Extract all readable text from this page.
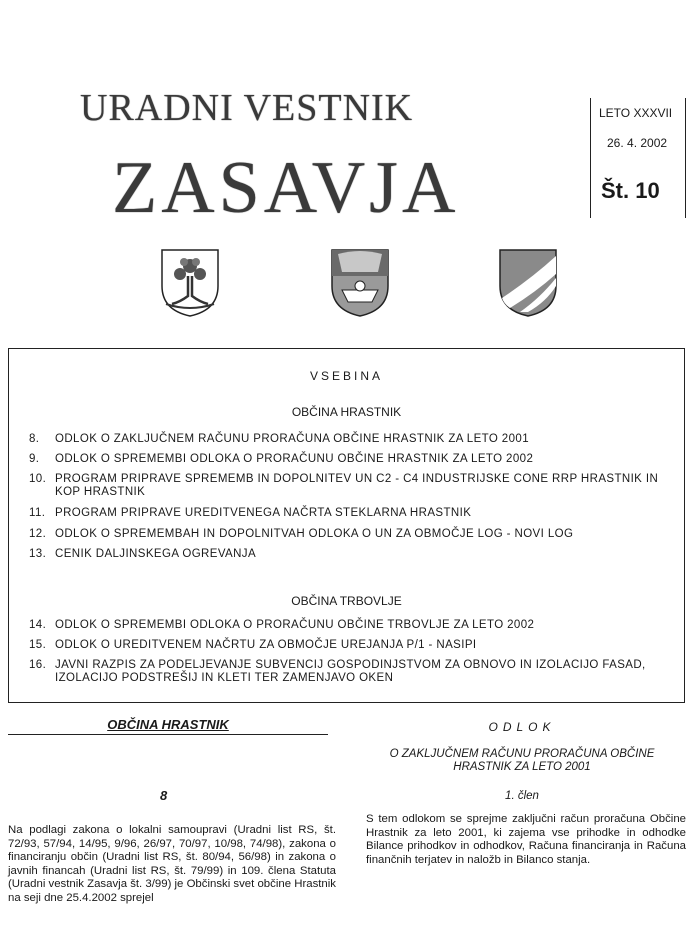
URADNI VESTNIK
ZASAVJA
LETO XXXVII
26. 4. 2002
Št. 10
VSEBINA
OBČINA HRASTNIK
8.	ODLOK O ZAKLJUČNEM RAČUNU PRORAČUNA OBČINE HRASTNIK ZA LETO 2001
9.	ODLOK O SPREMEMBI ODLOKA O PRORAČUNU OBČINE HRASTNIK ZA LETO 2002
10. PROGRAM PRIPRAVE SPREMEMB IN DOPOLNITEV UN C2 - C4 INDUSTRIJSKE CONE RRP HRASTNIK IN KOP HRASTNIK
11. PROGRAM PRIPRAVE UREDITVENEGA NAČRTA STEKLARNA HRASTNIK
12. ODLOK O SPREMEMBAH IN DOPOLNITVAH ODLOKA O UN ZA OBMOČJE LOG - NOVI LOG
13. CENIK DALJINSKEGA OGREVANJA
OBČINA TRBOVLJE
14. ODLOK O SPREMEMBI ODLOKA O PRORAČUNU OBČINE TRBOVLJE ZA LETO 2002
15. ODLOK O UREDITVENEM NAČRTU ZA OBMOČJE UREJANJA P/1 - NASIPI
16. JAVNI RAZPIS ZA PODELJEVANJE SUBVENCIJ GOSPODINJSTVOM ZA OBNOVO IN IZOLACIJO FASAD, IZOLACIJO PODSTREŠIJ IN KLETI TER ZAMENJAVO OKEN
OBČINA HRASTNIK
8

Na podlagi zakona o lokalni samoupravi (Uradni list RS, št. 72/93, 57/94, 14/95, 9/96, 26/97, 70/97, 10/98, 74/98), zakona o financiranju občin (Uradni list RS, št. 80/94, 56/98) in zakona o javnih financah (Uradni list RS, št. 79/99) in 109. člena Statuta (Uradni vestnik Zasavja št. 3/99) je Občinski svet občine Hrastnik na seji dne 25.4.2002 sprejel

ODLOK

O ZAKLJUČNEM RAČUNU PRORAČUNA OBČINE HRASTNIK ZA LETO 2001

1. člen

S tem odlokom se sprejme zaključni račun proračuna Občine Hrastnik za leto 2001, ki zajema vse prihodke in odhodke Bilance prihodkov in odhodkov, Računa financiranja in Računa finančnih terjatev in naložb in Bilanco stanja.
